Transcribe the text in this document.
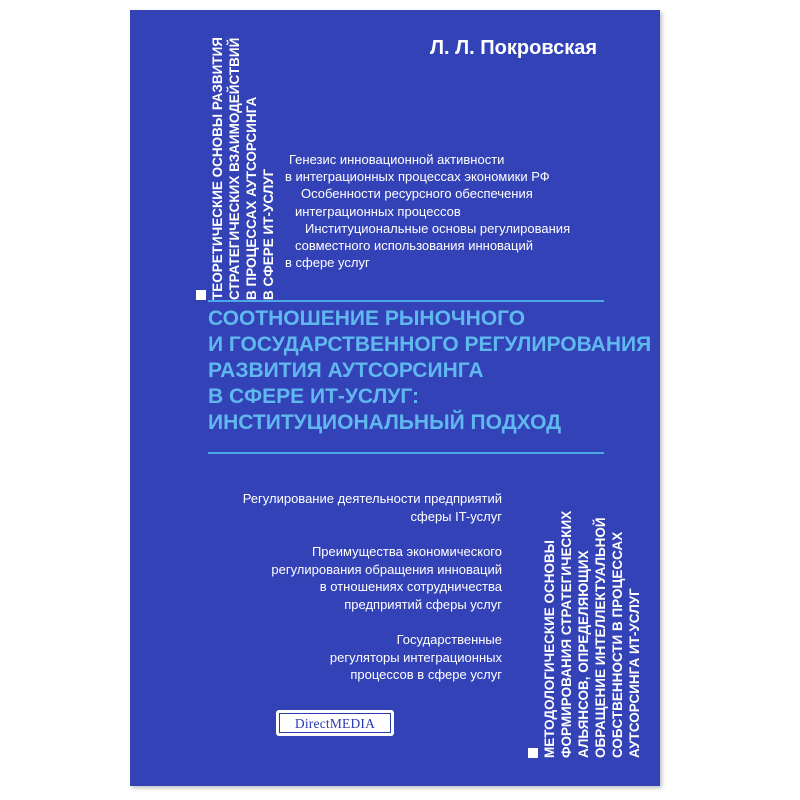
Л. Л. Покровская
ТЕОРЕТИЧЕСКИЕ ОСНОВЫ РАЗВИТИЯ СТРАТЕГИЧЕСКИХ ВЗАИМОДЕЙСТВИЙ В ПРОЦЕССАХ АУТСОРСИНГА В СФЕРЕ ИТ-УСЛУГ
Генезис инновационной активности
в интеграционных процессах экономики РФ
Особенности ресурсного обеспечения
интеграционных процессов
Институциональные основы регулирования
совместного использования инноваций
в сфере услуг
СООТНОШЕНИЕ РЫНОЧНОГО
И ГОСУДАРСТВЕННОГО РЕГУЛИРОВАНИЯ
РАЗВИТИЯ АУТСОРСИНГА
В СФЕРЕ ИТ-УСЛУГ:
ИНСТИТУЦИОНАЛЬНЫЙ ПОДХОД
Регулирование деятельности предприятий
сферы IT-услуг
Преимущества экономического
регулирования обращения инноваций
в отношениях сотрудничества
предприятий сферы услуг
Государственные
регуляторы интеграционных
процессов в сфере услуг	МЕТОДОЛОГИЧЕСКИЕ ОСНОВЫ ФОРМИРОВАНИЯ СТРАТЕГИЧЕСКИХ АЛЬЯНСОВ, ОПРЕДЕЛЯЮЩИХ ОБРАЩЕНИЕ ИНТЕЛЛЕКТУАЛЬНОЙ СОБСТВЕННОСТИ В ПРОЦЕССАХ АУТСОРСИНГА ИТ-УСЛУГ
DirectMEDIA
